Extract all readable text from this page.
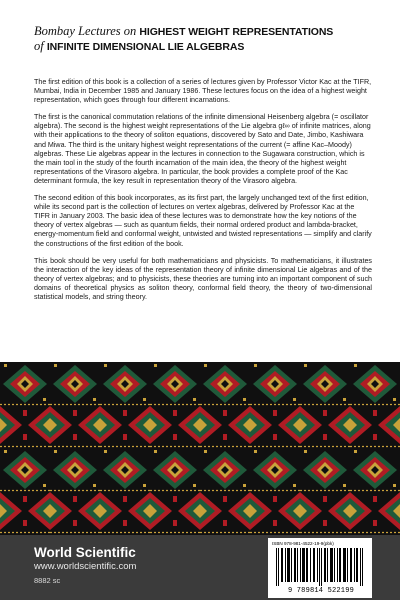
Bombay Lectures on HIGHEST WEIGHT REPRESENTATIONS
of INFINITE DIMENSIONAL LIE ALGEBRAS

The first edition of this book is a collection of a series of lectures given by Professor Victor Kac at the TIFR, Mumbai, India in December 1985 and January 1986. These lectures focus on the idea of a highest weight representation, which goes through four different incarnations.

The first is the canonical commutation relations of the infinite dimensional Heisenberg algebra (= oscillator algebra). The second is the highest weight representations of the Lie algebra gℓ∞ of infinite matrices, along with their applications to the theory of soliton equations, discovered by Sato and Date, Jimbo, Kashiwara and Miwa. The third is the unitary highest weight representations of the current (= affine Kac–Moody) algebras. These Lie algebras appear in the lectures in connection to the Sugawara construction, which is the main tool in the study of the fourth incarnation of the main idea, the theory of the highest weight representations of the Virasoro algebra. In particular, the book provides a complete proof of the Kac determinant formula, the key result in representation theory of the Virasoro algebra.

The second edition of this book incorporates, as its first part, the largely unchanged text of the first edition, while its second part is the collection of lectures on vertex algebras, delivered by Professor Kac at the TIFR in January 2003. The basic idea of these lectures was to demonstrate how the key notions of the theory of vertex algebras — such as quantum fields, their normal ordered product and lambda-bracket, energy-momentum field and conformal weight, untwisted and twisted representations — simplify and clarify the constructions of the first edition of the book.

This book should be very useful for both mathematicians and physicists. To mathematicians, it illustrates the interaction of the key ideas of the representation theory of infinite dimensional Lie algebras and of the theory of vertex algebras; and to physicists, these theories are turning into an important component of such domains of theoretical physics as soliton theory, conformal field theory, the theory of two-dimensional statistical models, and string theory.

World Scientific
www.worldscientific.com
8882 sc
ISBN 978-981-4522-19-9(pbk)
9 789814 522199
